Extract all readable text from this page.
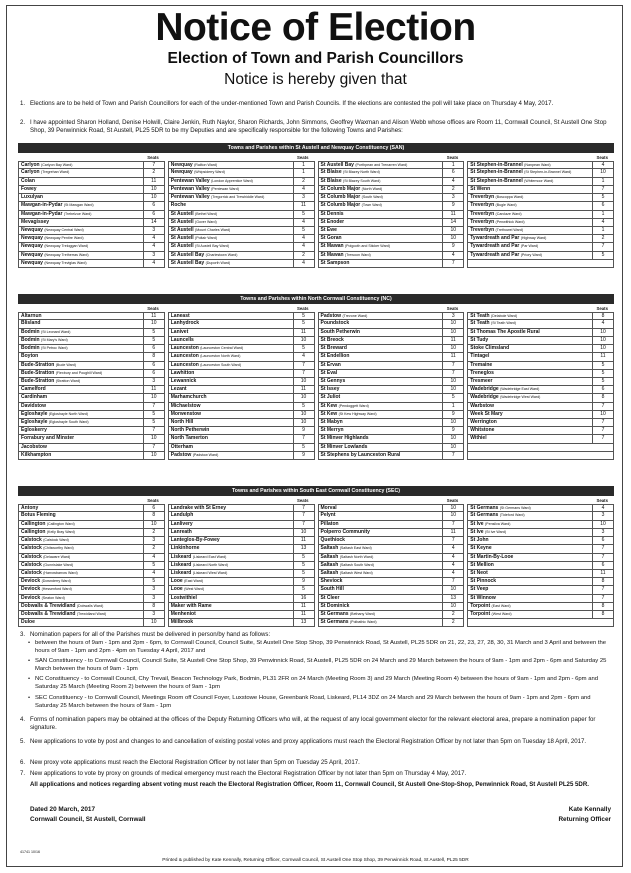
Notice of Election
Election of Town and Parish Councillors
Notice is hereby given that
1. Elections are to be held of Town and Parish Councillors for each of the under-mentioned Town and Parish Councils. If the elections are contested the poll will take place on Thursday 4 May, 2017.
2. I have appointed Sharon Holland, Denise Holwill, Claire Jenkin, Ruth Naylor, Sharon Richards, John Simmons, Geoffrey Waxman and Alison Webb whose offices are Room 11, Cornwall Council, St Austell One Stop Shop, 39 Penwinnick Road, St Austell, PL25 5DR to be my Deputies and are specifically responsible for the following Towns and Parishes:
Towns and Parishes within St Austell and Newquay Constituency (SAN)
Seats
Carlyon (Carlyon Bay Ward)	7
Carlyon (Tregrehan Ward)	2
Colan	11
Fowey	10
Luxulyan	10
Mawgan-in-Pydar (St Mawgan Ward)	6
Mawgan-in-Pydar (Trebelzue Ward)	6
Mevagissey	14
Newquay (Newquay Central Ward)	3
Newquay (Newquay Pentire Ward)	4
Newquay (Newquay Treloggan Ward)	4
Newquay (Newquay Tretherras Ward)	3
Newquay (Newquay Treviglas Ward)	4
Seats
Newquay (Railton Ward)	1
Newquay (Whipsiderry Ward)	1
Pentewan Valley (London Apprentice Ward)	2
Pentewan Valley (Pentewan Ward)	4
Pentewan Valley (Tregorrick and Trewhiddle Ward)	3
Roche	11
St Austell (Bethel Ward)	5
St Austell (Gover Ward)	4
St Austell (Mount Charles Ward)	5
St Austell (Poltair Ward)	4
St Austell (St Austell Bay Ward)	4
St Austell Bay (Charlestown Ward)	2
St Austell Bay (Duporth Ward)	4
Seats
St Austell Bay (Porthpean and Trenarren Ward)	1
St Blaise (St Blazey North Ward)	6
St Blaise (St Blazey South Ward)	4
St Columb Major (North Ward)	2
St Columb Major (South Ward)	3
St Columb Major (Town Ward)	9
St Dennis	11
St Enoder	14
St Ewe	10
St Goran	10
St Mawan (Polgooth and Sticker Ward)	9
St Mawan (Trewoon Ward)	4
St Sampson	7
Seats
St Stephen-in-Brannel (Nanpean Ward)	4
St Stephen-in-Brannel (St Stephen-in-Brannel Ward)	10
St Stephen-in-Brannel (Whitemoor Ward)	1
St Wenn	7
Treverbyn (Boscoppa Ward)	5
Treverbyn (Bugle Ward)	6
Treverbyn (Carclaze Ward)	1
Treverbyn (Penwithick Ward)	4
Treverbyn (Trethowel Ward)	1
Tywardreath and Par (Highway Ward)	2
Tywardreath and Par (Par Ward)	7
Tywardreath and Par (Priory Ward)	5
Towns and Parishes within North Cornwall Constituency (NC)
Seats
Altarnun	11
Blisland	10
Bodmin (St Leonard Ward)	5
Bodmin (St Mary's Ward)	5
Bodmin (St Petroc Ward)	6
Boyton	8
Bude-Stratton (Bude Ward)	6
Bude-Stratton (Flexbury and Poughill Ward)	6
Bude-Stratton (Stratton Ward)	3
Camelford	11
Cardinham	10
Davidstow	7
Egloshayle (Egloshayle North Ward)	5
Egloshayle (Egloshayle South Ward)	5
Egloskerry	7
Forrabury and Minster	10
Jacobstow	7
Kilkhampton	10
Seats
Laneast	5
Lanhydrock	5
Lanivet	11
Launcells	10
Launceston (Launceston Central Ward)	5
Launceston (Launceston North Ward)	4
Launceston (Launceston South Ward)	7
Lawhitton	7
Lewannick	10
Lezant	11
Marhamchurch	10
Michaelstow	5
Morwenstow	10
North Hill	10
North Petherwin	9
North Tamerton	7
Otterham	5
Padstow (Padstow Ward)	9
Seats
Padstow (Trevone Ward)	3
Poundstock	10
South Petherwin	10
St Breock	11
St Breward	10
St Endellion	11
St Ervan	7
St Eval	7
St Gennys	10
St Issey	10
St Juliot	5
St Kew (Pendoggett Ward)	1
St Kew (St Kew Highway Ward)	9
St Mabyn	10
St Merryn	9
St Minver Highlands	10
St Minver Lowlands	10
St Stephens by Launceston Rural	7
Seats
St Teath (Delabole Ward)	8
St Teath (St Teath Ward)	4
St Thomas The Apostle Rural	10
St Tudy	10
Stoke Climsland	10
Tintagel	11
Tremaine	5
Treneglos	5
Tresmeer	5
Wadebridge (Wadebridge East Ward)	6
Wadebridge (Wadebridge West Ward)	8
Warbstow	7
Week St Mary	10
Werrington	7
Whitstone	7
Withiel	7
Towns and Parishes within South East Cornwall Constituency (SEC)
Seats
Antony	6
Botus Fleming	8
Callington (Callington Ward)	10
Callington (Kelly Bray Ward)	2
Calstock (Calstock Ward)	3
Calstock (Chilsworthy Ward)	2
Calstock (Delaware Ward)	4
Calstock (Gunnislake Ward)	5
Calstock (Harrowbarrow Ward)	4
Deviock (Downderry Ward)	5
Deviock (Hessenford Ward)	3
Deviock (Seaton Ward)	3
Dobwalls & Trewidland (Dobwalls Ward)	8
Dobwalls & Trewidland (Trewidland Ward)	3
Duloe	10
Seats
Landrake with St Erney	7
Landulph	7
Lanlivery	7
Lanreath	10
Lanteglos-By-Fowey	11
Linkinhorne	13
Liskeard (Liskeard East Ward)	5
Liskeard (Liskeard North Ward)	5
Liskeard (Liskeard West Ward)	5
Looe (East Ward)	9
Looe (West Ward)	5
Lostwithiel	16
Maker with Rame	11
Menheniot	11
Millbrook	13
Seats
Morval	10
Pelynt	10
Pillaton	7
Polperro Community	11
Quethiock	7
Saltash (Saltash East Ward)	4
Saltash (Saltash North Ward)	4
Saltash (Saltash South Ward)	4
Saltash (Saltash West Ward)	4
Sheviock	7
South Hill	10
St Cleer	13
St Dominick	10
St Germans (Bethany Ward)	2
St Germans (Polbathic Ward)	2
Seats
St Germans (St Germans Ward)	4
St Germans (Tideford Ward)	3
St Ive (Pensilva Ward)	10
St Ive (St Ive Ward)	3
St John	6
St Keyne	7
St Martin-By-Looe	7
St Mellion	6
St Neot	11
St Pinnock	8
St Veep	7
St Winnow	7
Torpoint (East Ward)	8
Torpoint (West Ward)	8
3. Nomination papers for all of the Parishes must be delivered in person/by hand as follows:
• between the hours of 9am - 1pm and 2pm - 6pm, to Cornwall Council, Council Suite, St Austell One Stop Shop, 39 Penwinnick Road, St Austell, PL25 5DR on 21, 22, 23, 27, 28, 30, 31 March and 3 April and between the hours of 9am - 1pm and 2pm - 4pm on Tuesday 4 April, 2017 and
• SAN Constituency - to Cornwall Council, Council Suite, St Austell One Stop Shop, 39 Penwinnick Road, St Austell, PL25 5DR on 24 March and 29 March between the hours of 9am - 1pm and 2pm - 6pm and Saturday 25 March between the hours of 9am - 1pm
• NC Constituency - to Cornwall Council, Chy Trevail, Beacon Technology Park, Bodmin, PL31 2FR on 24 March (Meeting Room 3) and 29 March (Meeting Room 4) between the hours of 9am - 1pm and 2pm - 6pm and Saturday 25 March (Meeting Room 2) between the hours of 9am - 1pm
• SEC Constituency - to Cornwall Council, Meetings Room off Council Foyer, Luxstowe House, Greenbank Road, Liskeard, PL14 3DZ on 24 March and 29 March between the hours of 9am - 1pm and 2pm - 6pm and Saturday 25 March between the hours of 9am - 1pm
4. Forms of nomination papers may be obtained at the offices of the Deputy Returning Officers who will, at the request of any local government elector for the relevant electoral area, prepare a nomination paper for signature.
5. New applications to vote by post and changes to and cancellation of existing postal votes and proxy applications must reach the Electoral Registration Officer by not later than 5pm on Tuesday 18 April, 2017.
6. New proxy vote applications must reach the Electoral Registration Officer by not later than 5pm on Tuesday 25 April, 2017.
7. New applications to vote by proxy on grounds of medical emergency must reach the Electoral Registration Officer by not later than 5pm on Thursday 4 May, 2017.
All applications and notices regarding absent voting must reach the Electoral Registration Officer, Room 11, Cornwall Council, St Austell One-Stop-Shop, Penwinnick Road, St Austell PL25 5DR.
Dated 20 March, 2017
Cornwall Council, St Austell, Cornwall
Kate Kennally
Returning Officer
41741 10/16
Printed & published by Kate Kennally, Returning Officer, Cornwall Council, St Austell One Stop Shop, 39 Penwinnick Road, St Austell, PL25 5DR
